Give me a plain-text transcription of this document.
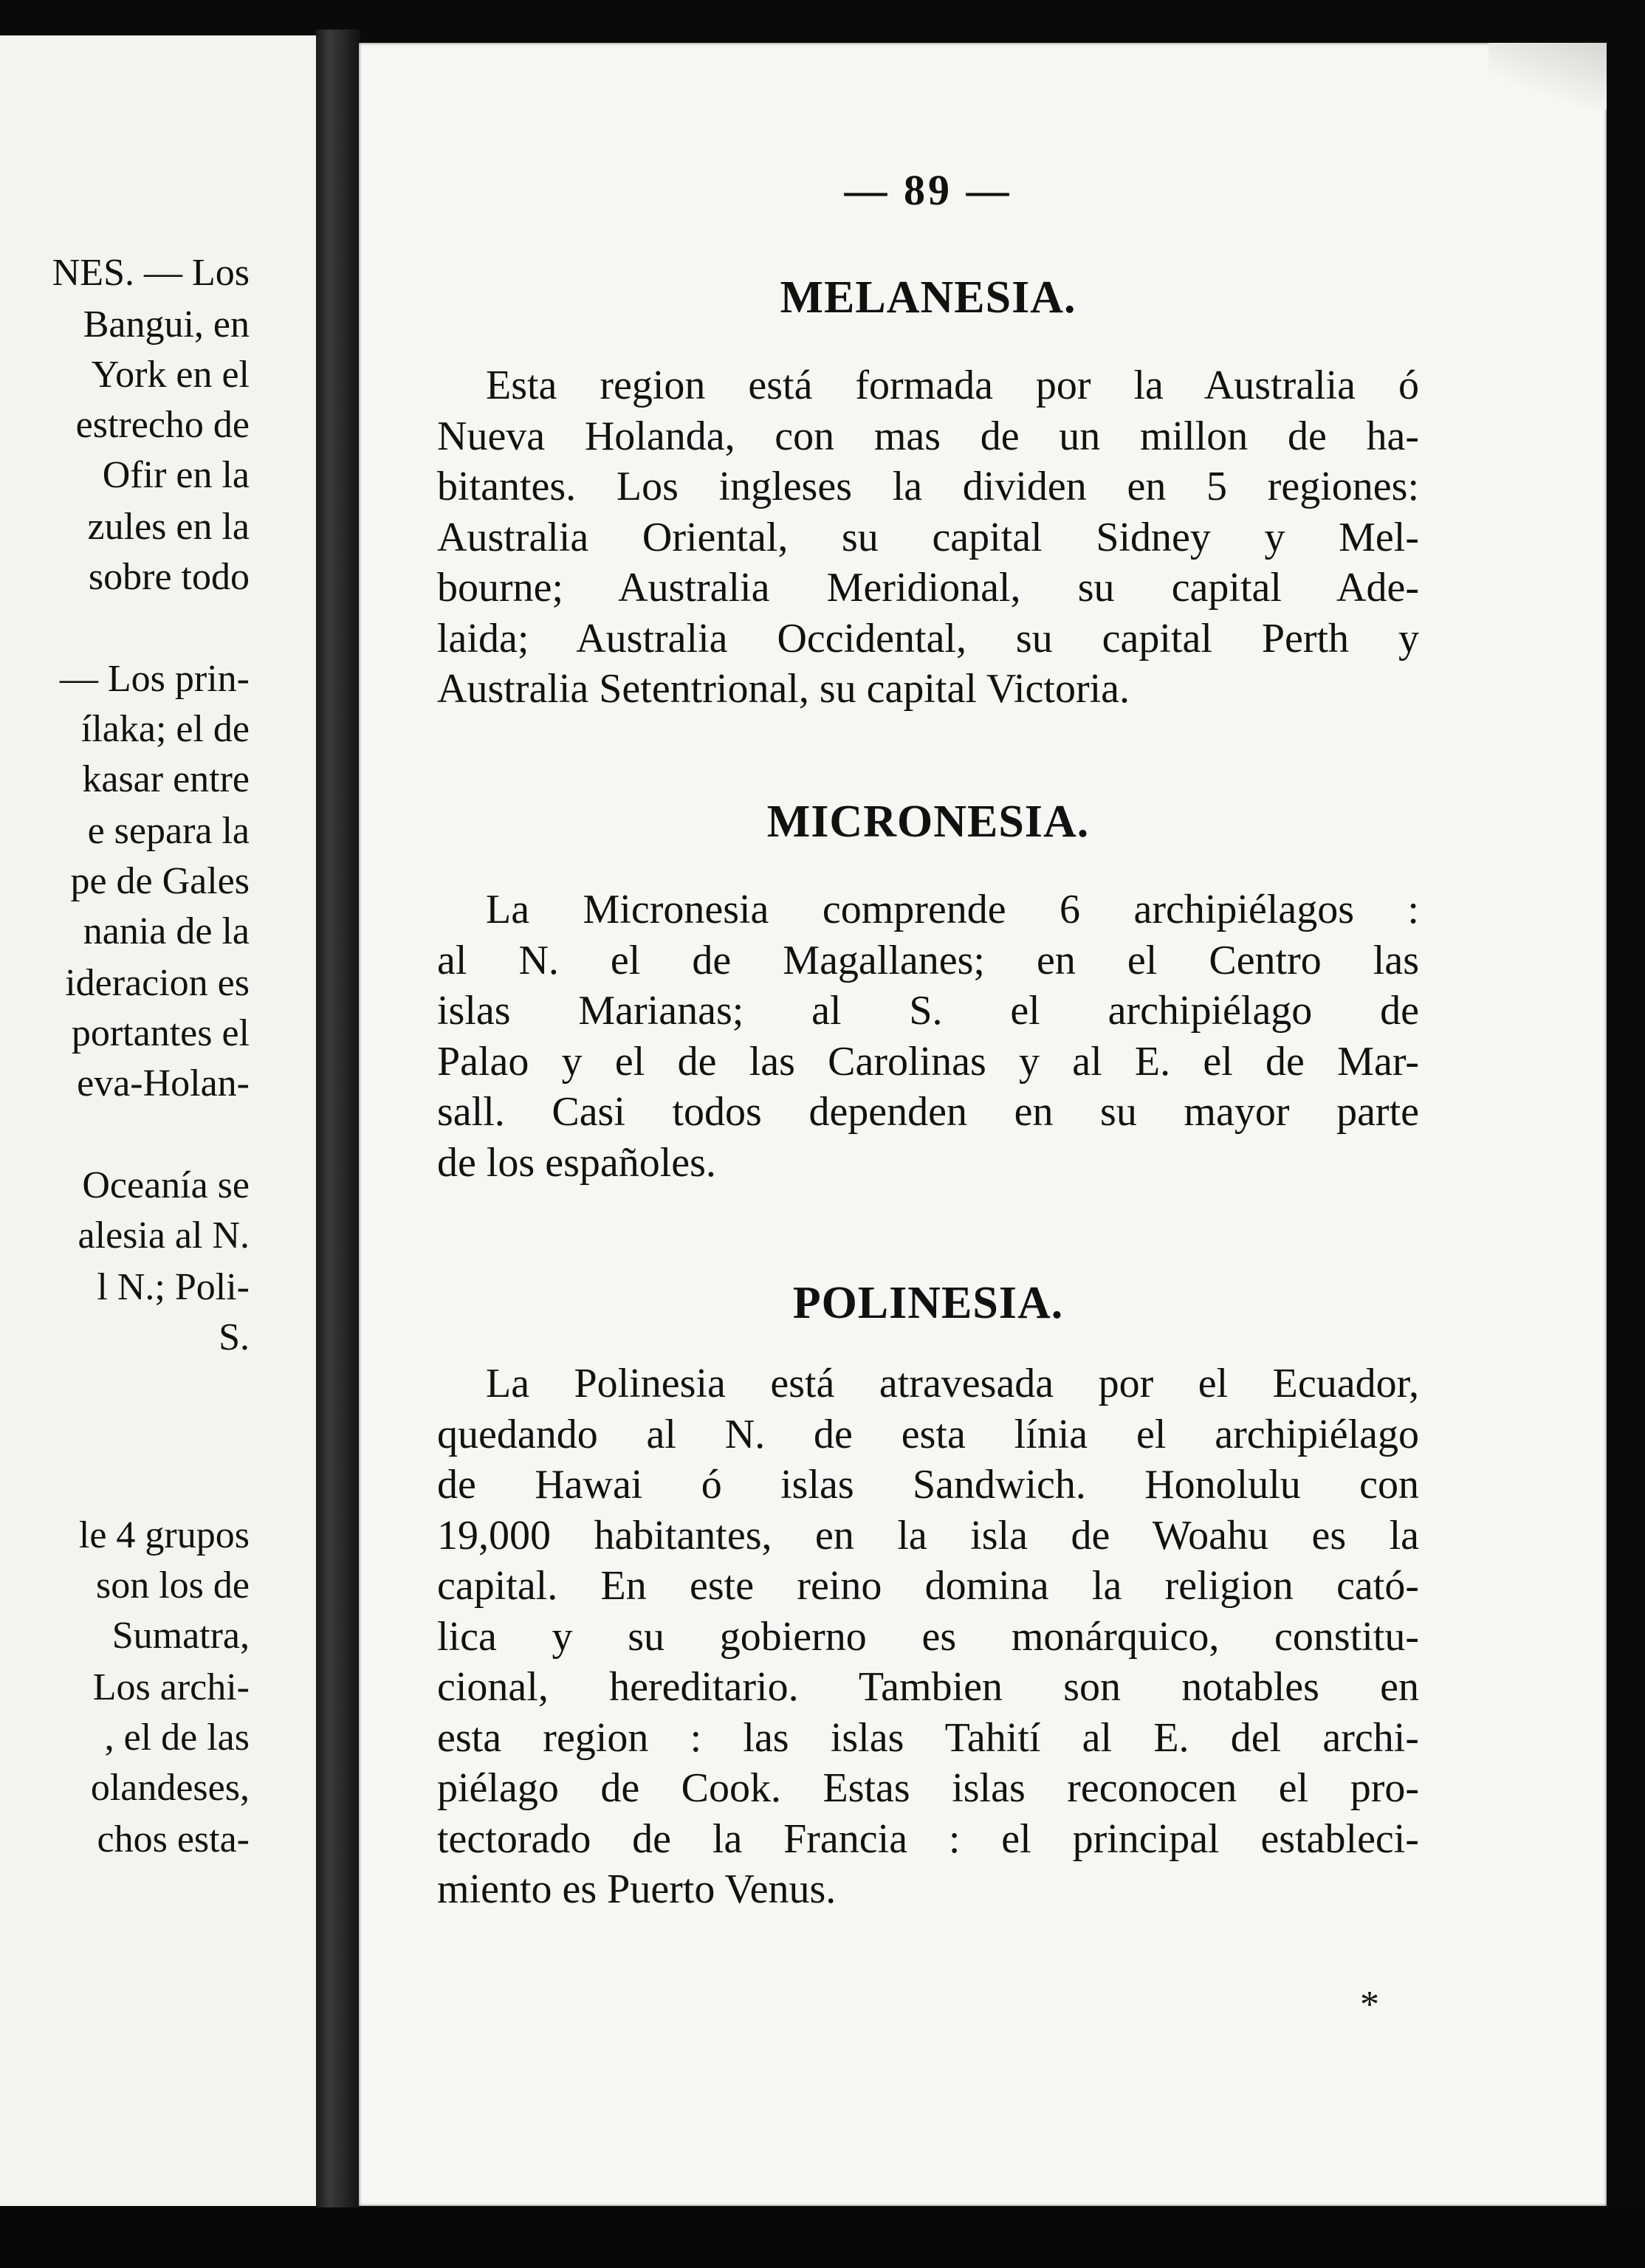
NES. — Los
Bangui, en
York en el
estrecho de
Ofir en la
zules en la
sobre todo
— Los prin-
ílaka; el de
kasar entre
e separa la
pe de Gales
nania de la
ideracion es
portantes el
eva-Holan-
Oceanía se
alesia al N.
l N.; Poli-
S.
le 4 grupos
son los de
Sumatra,
Los archi-
, el de las
olandeses,
chos esta-
— 89 —
MELANESIA.
Esta region está formada por la Australia ó
Nueva Holanda, con mas de un millon de ha-
bitantes. Los ingleses la dividen en 5 regiones:
Australia Oriental, su capital Sidney y Mel-
bourne; Australia Meridional, su capital Ade-
laida; Australia Occidental, su capital Perth y
Australia Setentrional, su capital Victoria.
MICRONESIA.
La Micronesia comprende 6 archipiélagos :
al N. el de Magallanes; en el Centro las
islas Marianas; al S. el archipiélago de
Palao y el de las Carolinas y al E. el de Mar-
sall. Casi todos dependen en su mayor parte
de los españoles.
POLINESIA.
La Polinesia está atravesada por el Ecuador,
quedando al N. de esta línia el archipiélago
de Hawai ó islas Sandwich. Honolulu con
19,000 habitantes, en la isla de Woahu es la
capital. En este reino domina la religion cató-
lica y su gobierno es monárquico, constitu-
cional, hereditario. Tambien son notables en
esta region : las islas Tahití al E. del archi-
piélago de Cook. Estas islas reconocen el pro-
tectorado de la Francia : el principal estableci-
miento es Puerto Venus.
*
